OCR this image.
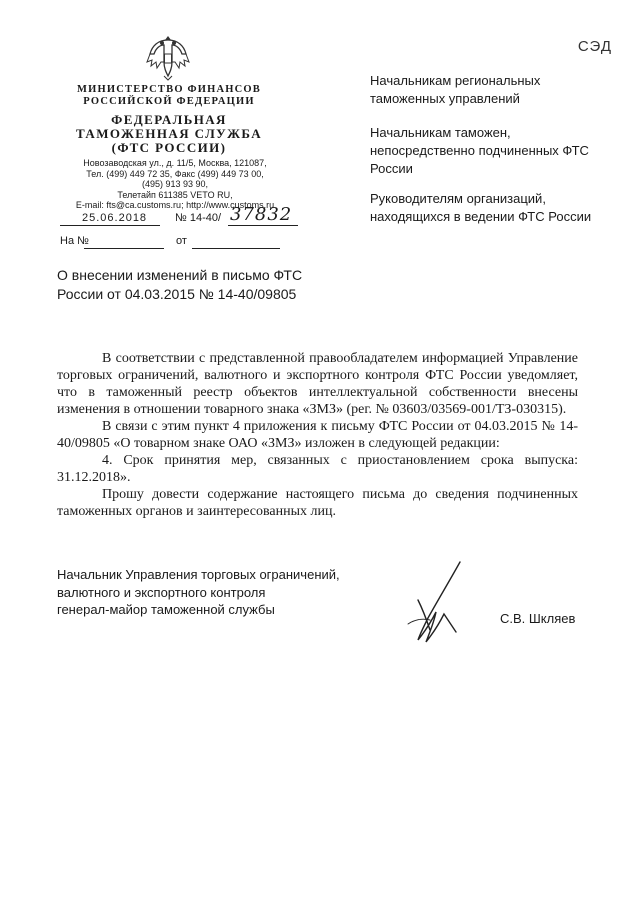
СЭД
МИНИСТЕРСТВО ФИНАНСОВ
РОССИЙСКОЙ ФЕДЕРАЦИИ
ФЕДЕРАЛЬНАЯ
ТАМОЖЕННАЯ СЛУЖБА
(ФТС РОССИИ)
Новозаводская ул., д. 11/5, Москва, 121087,
Тел. (499) 449 72 35, Факс (499) 449 73 00,
(495) 913 93 90,
Телетайп 611385 VETO RU,
E-mail: fts@ca.customs.ru; http://www.customs.ru
25.06.2018	№ 14-40/ 37832
На №	от
Начальникам региональных таможенных управлений
Начальникам таможен, непосредственно подчиненных ФТС России
Руководителям организаций, находящихся в ведении ФТС России
О внесении изменений в письмо ФТС России от 04.03.2015 № 14-40/09805

В соответствии с представленной правообладателем информацией Управление торговых ограничений, валютного и экспортного контроля ФТС России уведомляет, что в таможенный реестр объектов интеллектуальной собственности внесены изменения в отношении товарного знака «ЗМЗ» (рег. № 03603/03569-001/ТЗ-030315).

В связи с этим пункт 4 приложения к письму ФТС России от 04.03.2015 № 14-40/09805 «О товарном знаке ОАО «ЗМЗ» изложен в следующей редакции:

4. Срок принятия мер, связанных с приостановлением срока выпуска: 31.12.2018».

Прошу довести содержание настоящего письма до сведения подчиненных таможенных органов и заинтересованных лиц.

Начальник Управления торговых ограничений,
валютного и экспортного контроля
генерал-майор таможенной службы
С.В. Шкляев
